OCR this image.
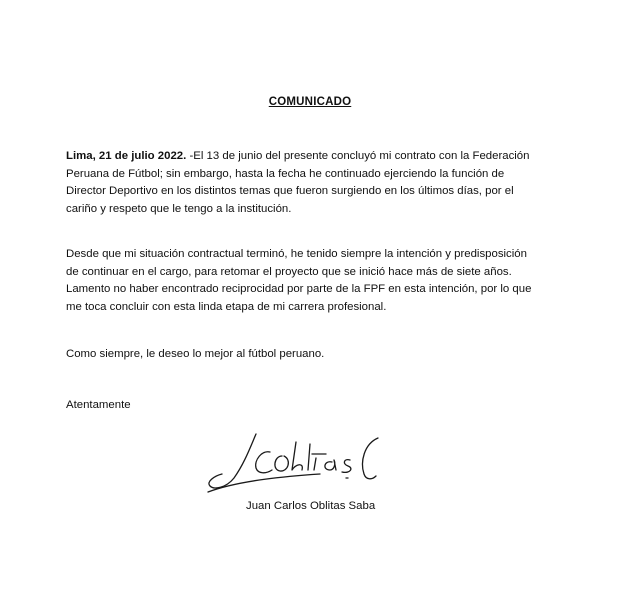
COMUNICADO

Lima, 21 de julio 2022. -El 13 de junio del presente concluyó mi contrato con la Federación

Peruana de Fútbol; sin embargo, hasta la fecha he continuado ejerciendo la función de

Director Deportivo en los distintos temas que fueron surgiendo en los últimos días, por el

cariño y respeto que le tengo a la institución.

Desde que mi situación contractual terminó, he tenido siempre la intención y predisposición

de continuar en el cargo, para retomar el proyecto que se inició hace más de siete años.

Lamento no haber encontrado reciprocidad por parte de la FPF en esta intención, por lo que

me toca concluir con esta linda etapa de mi carrera profesional.

Como siempre, le deseo lo mejor al fútbol peruano.

Atentamente

Juan Carlos Oblitas Saba
